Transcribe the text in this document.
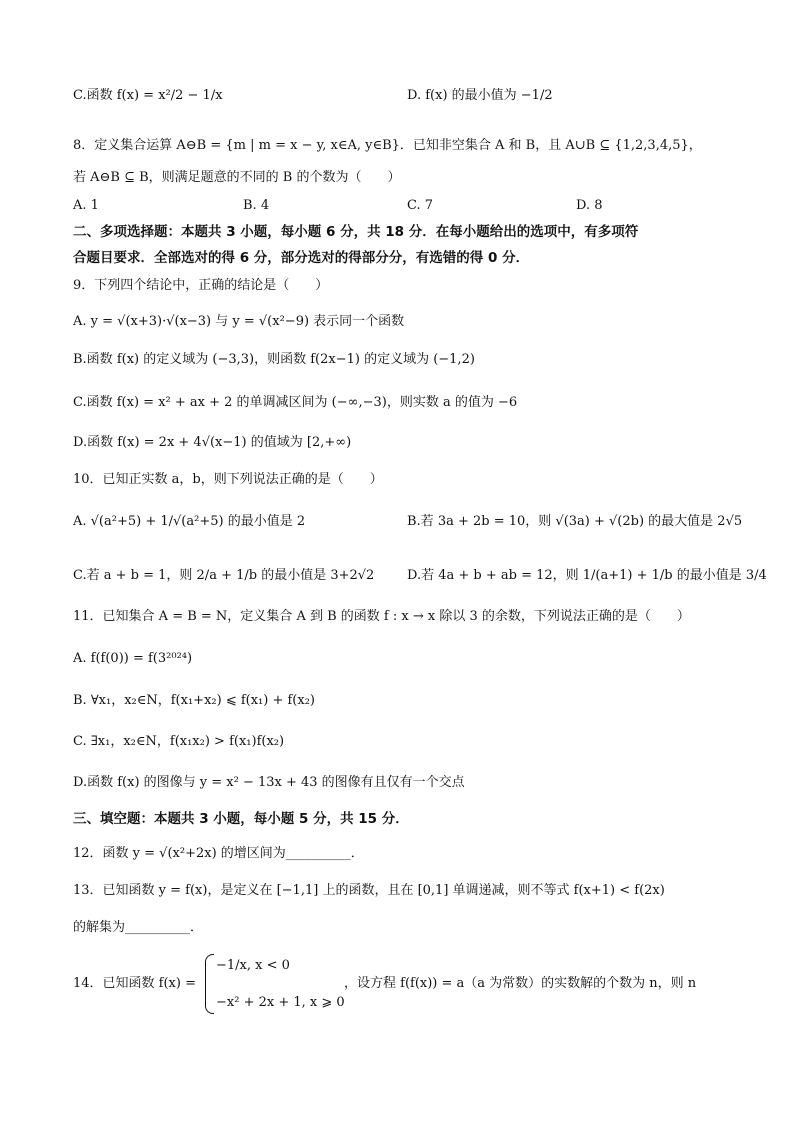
C.函数 f(x) = x²/2 − 1/x	D. f(x) 的最小值为 −1/2
8．定义集合运算 A⊖B = {m | m = x − y, x∈A, y∈B}．已知非空集合 A 和 B，且 A∪B ⊆ {1,2,3,4,5}，
若 A⊖B ⊆ B，则满足题意的不同的 B 的个数为（　　）
A. 1	B. 4	C. 7	D. 8
二、多项选择题：本题共 3 小题，每小题 6 分，共 18 分．在每小题给出的选项中，有多项符
合题目要求．全部选对的得 6 分，部分选对的得部分分，有选错的得 0 分．
9．下列四个结论中，正确的结论是（　　）
A. y = √(x+3)·√(x−3) 与 y = √(x²−9) 表示同一个函数
B.函数 f(x) 的定义域为 (−3,3)，则函数 f(2x−1) 的定义域为 (−1,2)
C.函数 f(x) = x² + ax + 2 的单调减区间为 (−∞,−3)，则实数 a 的值为 −6
D.函数 f(x) = 2x + 4√(x−1) 的值域为 [2,+∞)
10．已知正实数 a，b，则下列说法正确的是（　　）
A. √(a²+5) + 1/√(a²+5) 的最小值是 2	B.若 3a + 2b = 10，则 √(3a) + √(2b) 的最大值是 2√5
C.若 a + b = 1，则 2/a + 1/b 的最小值是 3+2√2	D.若 4a + b + ab = 12，则 1/(a+1) + 1/b 的最小值是 3/4
11．已知集合 A = B = N，定义集合 A 到 B 的函数 f : x → x 除以 3 的余数，下列说法正确的是（　　）
A. f(f(0)) = f(3²⁰²⁴)
B. ∀x₁，x₂∈N，f(x₁+x₂) ⩽ f(x₁) + f(x₂)
C. ∃x₁，x₂∈N，f(x₁x₂) > f(x₁)f(x₂)
D.函数 f(x) 的图像与 y = x² − 13x + 43 的图像有且仅有一个交点
三、填空题：本题共 3 小题，每小题 5 分，共 15 分．
12．函数 y = √(x²+2x) 的增区间为__________．
13．已知函数 y = f(x)，是定义在 [−1,1] 上的函数，且在 [0,1] 单调递减，则不等式 f(x+1) < f(2x)
的解集为__________．
14．已知函数 f(x) =
−1/x, x < 0
−x² + 2x + 1, x ⩾ 0
，设方程 f(f(x)) = a（a 为常数）的实数解的个数为 n，则 n
